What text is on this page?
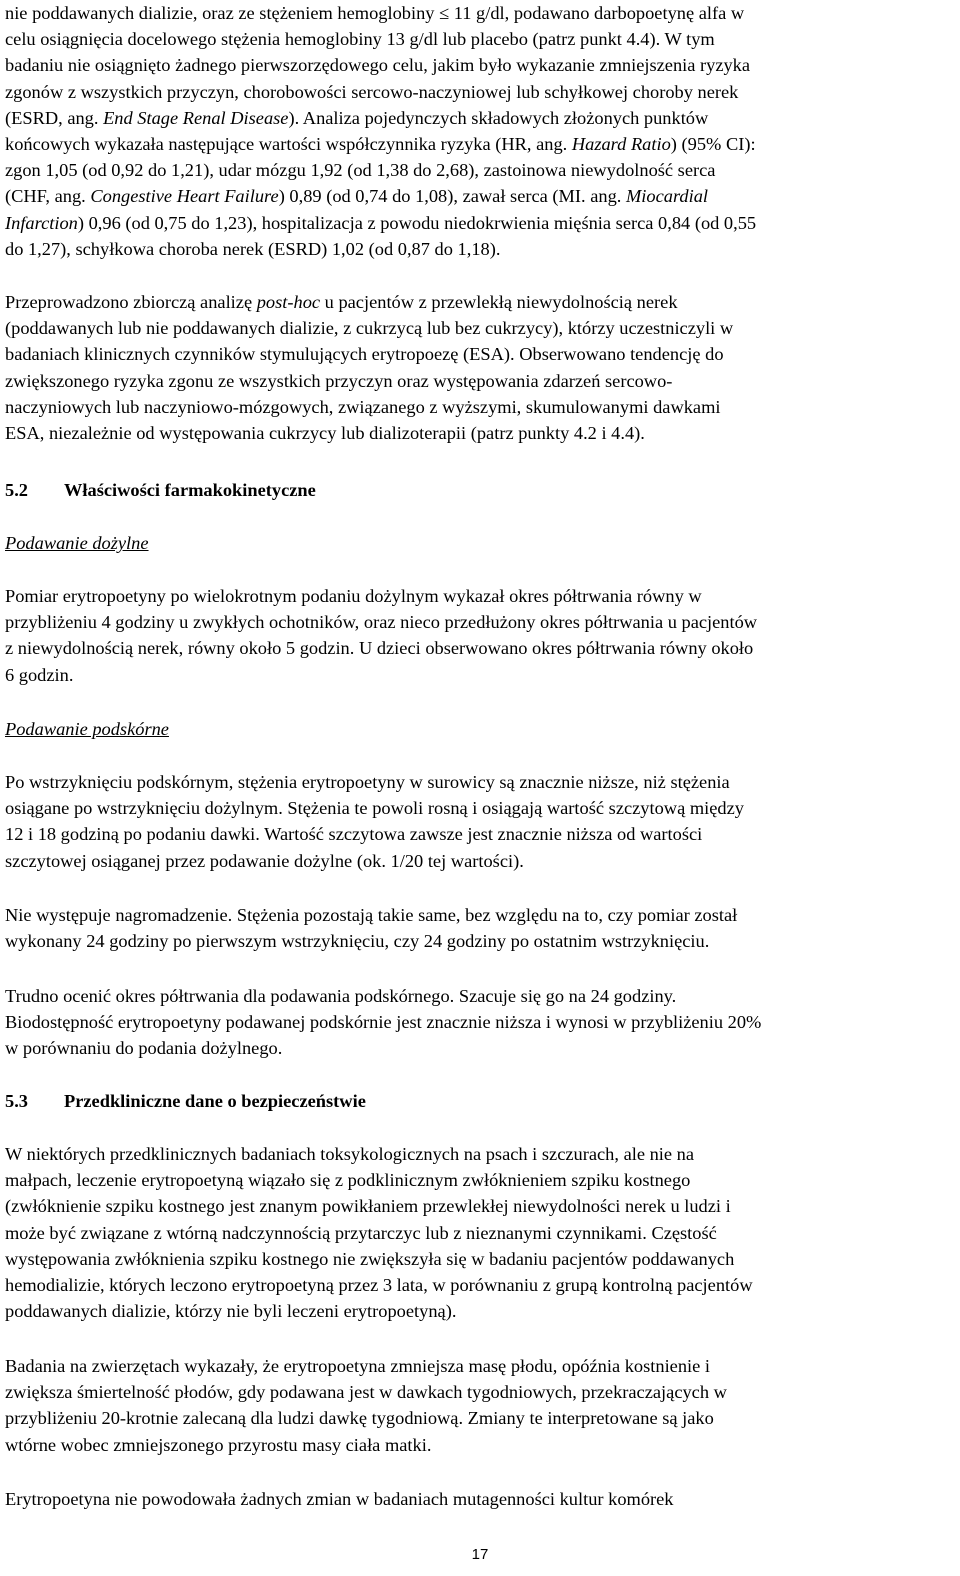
nie poddawanych dializie, oraz ze stężeniem hemoglobiny ≤ 11 g/dl, podawano darbopoetynę alfa w

celu osiągnięcia docelowego stężenia hemoglobiny 13 g/dl lub placebo (patrz punkt 4.4). W tym

badaniu nie osiągnięto żadnego pierwszorzędowego celu, jakim było wykazanie zmniejszenia ryzyka

zgonów z wszystkich przyczyn, chorobowości sercowo-naczyniowej lub schyłkowej choroby nerek

(ESRD, ang. End Stage Renal Disease). Analiza pojedynczych składowych złożonych punktów

końcowych wykazała następujące wartości współczynnika ryzyka (HR, ang. Hazard Ratio) (95% CI):

zgon 1,05 (od 0,92 do 1,21), udar mózgu 1,92 (od 1,38 do 2,68), zastoinowa niewydolność serca

(CHF, ang. Congestive Heart Failure) 0,89 (od 0,74 do 1,08), zawał serca (MI. ang. Miocardial

Infarction) 0,96 (od 0,75 do 1,23), hospitalizacja z powodu niedokrwienia mięśnia serca 0,84 (od 0,55

do 1,27), schyłkowa choroba nerek (ESRD) 1,02 (od 0,87 do 1,18).

Przeprowadzono zbiorczą analizę post-hoc u pacjentów z przewlekłą niewydolnością nerek

(poddawanych lub nie poddawanych dializie, z cukrzycą lub bez cukrzycy), którzy uczestniczyli w

badaniach klinicznych czynników stymulujących erytropoezę (ESA). Obserwowano tendencję do

zwiększonego ryzyka zgonu ze wszystkich przyczyn oraz występowania zdarzeń sercowo-

naczyniowych lub naczyniowo-mózgowych, związanego z wyższymi, skumulowanymi dawkami

ESA, niezależnie od występowania cukrzycy lub dializoterapii (patrz punkty 4.2 i 4.4).

5.2	Właściwości farmakokinetyczne

Podawanie dożylne

Pomiar erytropoetyny po wielokrotnym podaniu dożylnym wykazał okres półtrwania równy w

przybliżeniu 4 godziny u zwykłych ochotników, oraz nieco przedłużony okres półtrwania u pacjentów

z niewydolnością nerek, równy około 5 godzin. U dzieci obserwowano okres półtrwania równy około

6 godzin.

Podawanie podskórne

Po wstrzyknięciu podskórnym, stężenia erytropoetyny w surowicy są znacznie niższe, niż stężenia

osiągane po wstrzyknięciu dożylnym. Stężenia te powoli rosną i osiągają wartość szczytową między

12 i 18 godziną po podaniu dawki. Wartość szczytowa zawsze jest znacznie niższa od wartości

szczytowej osiąganej przez podawanie dożylne (ok. 1/20 tej wartości).

Nie występuje nagromadzenie. Stężenia pozostają takie same, bez względu na to, czy pomiar został

wykonany 24 godziny po pierwszym wstrzyknięciu, czy 24 godziny po ostatnim wstrzyknięciu.

Trudno ocenić okres półtrwania dla podawania podskórnego. Szacuje się go na 24 godziny.

Biodostępność erytropoetyny podawanej podskórnie jest znacznie niższa i wynosi w przybliżeniu 20%

w porównaniu do podania dożylnego.

5.3	Przedkliniczne dane o bezpieczeństwie

W niektórych przedklinicznych badaniach toksykologicznych na psach i szczurach, ale nie na

małpach, leczenie erytropoetyną wiązało się z podklinicznym zwłóknieniem szpiku kostnego

(zwłóknienie szpiku kostnego jest znanym powikłaniem przewlekłej niewydolności nerek u ludzi i

może być związane z wtórną nadczynnością przytarczyc lub z nieznanymi czynnikami. Częstość

występowania zwłóknienia szpiku kostnego nie zwiększyła się w badaniu pacjentów poddawanych

hemodializie, których leczono erytropoetyną przez 3 lata, w porównaniu z grupą kontrolną pacjentów

poddawanych dializie, którzy nie byli leczeni erytropoetyną).

Badania na zwierzętach wykazały, że erytropoetyna zmniejsza masę płodu, opóźnia kostnienie i

zwiększa śmiertelność płodów, gdy podawana jest w dawkach tygodniowych, przekraczających w

przybliżeniu 20-krotnie zalecaną dla ludzi dawkę tygodniową. Zmiany te interpretowane są jako

wtórne wobec zmniejszonego przyrostu masy ciała matki.

Erytropoetyna nie powodowała żadnych zmian w badaniach mutagenności kultur komórek

17
